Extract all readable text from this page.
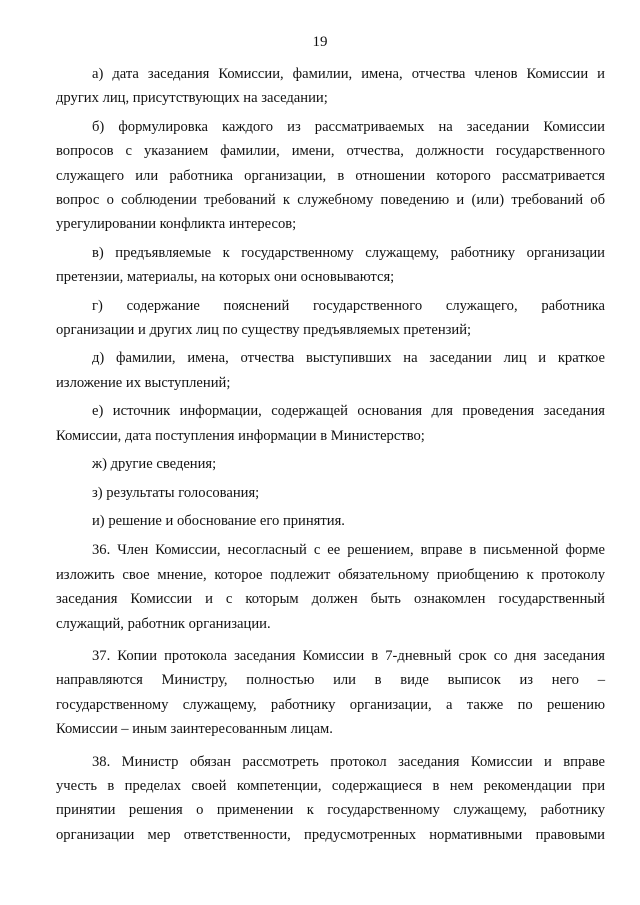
19

а) дата заседания Комиссии, фамилии, имена, отчества членов Комиссии и
других лиц, присутствующих на заседании;

б) формулировка каждого из рассматриваемых на заседании Комиссии
вопросов с указанием фамилии, имени, отчества, должности государственного
служащего или работника организации, в отношении которого рассматривается
вопрос о соблюдении требований к служебному поведению и (или) требований об
урегулировании конфликта интересов;

в) предъявляемые к государственному служащему, работнику организации
претензии, материалы, на которых они основываются;

г) содержание пояснений государственного служащего, работника
организации и других лиц по существу предъявляемых претензий;

д) фамилии, имена, отчества выступивших на заседании лиц и краткое
изложение их выступлений;

е) источник информации, содержащей основания для проведения заседания
Комиссии, дата поступления информации в Министерство;

ж) другие сведения;

з) результаты голосования;

и) решение и обоснование его принятия.

36. Член Комиссии, несогласный с ее решением, вправе в письменной форме
изложить свое мнение, которое подлежит обязательному приобщению к протоколу
заседания Комиссии и с которым должен быть ознакомлен государственный
служащий, работник организации.

37. Копии протокола заседания Комиссии в 7-дневный срок со дня заседания
направляются Министру, полностью или в виде выписок из него –
государственному служащему, работнику организации, а также по решению
Комиссии – иным заинтересованным лицам.

38. Министр обязан рассмотреть протокол заседания Комиссии и вправе
учесть в пределах своей компетенции, содержащиеся в нем рекомендации при
принятии решения о применении к государственному служащему, работнику
организации мер ответственности, предусмотренных нормативными правовыми
